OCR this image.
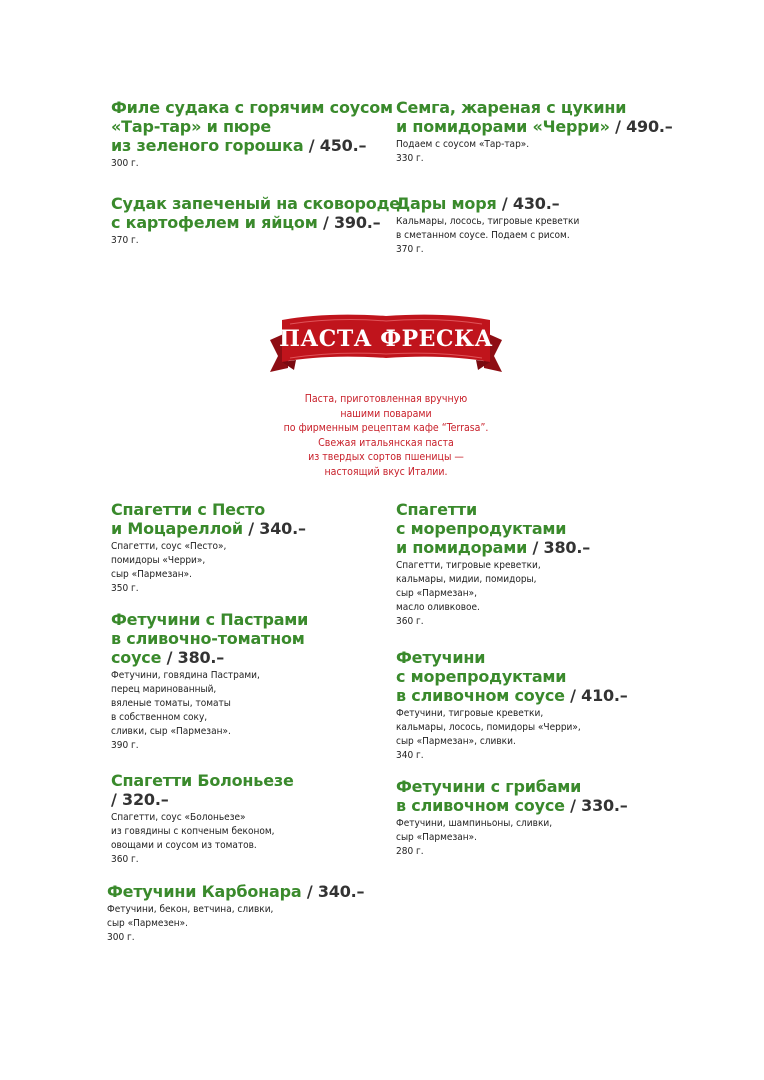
Филе судака с горячим соусом
«Тар-тар» и пюре
из зеленого горошка / 450.–
300 г.
Судак запеченый на сковороде
с картофелем и яйцом / 390.–
370 г.
Семга, жареная с цукини
и помидорами «Черри» / 490.–
Подаем с соусом «Тар-тар».
330 г.
Дары моря / 430.–
Кальмары, лосось, тигровые креветки
в сметанном соусе. Подаем с рисом.
370 г.
ПАСТА ФРЕСКА
Паста, приготовленная вручную
нашими поварами
по фирменным рецептам кафе “Terrasa”.
Свежая итальянская паста
из твердых сортов пшеницы —
настоящий вкус Италии.
Спагетти с Песто
и Моцареллой / 340.–
Спагетти, соус «Песто»,
помидоры «Черри»,
сыр «Пармезан».
350 г.
Фетучини с Пастрами
в сливочно-томатном
соусе / 380.–
Фетучини, говядина Пастрами,
перец маринованный,
вяленые томаты, томаты
в собственном соку,
сливки, сыр «Пармезан».
390 г.
Спагетти Болоньезе
/ 320.–
Спагетти, соус «Болоньезе»
из говядины с копченым беконом,
овощами и соусом из томатов.
360 г.
Фетучини Карбонара / 340.–
Фетучини, бекон, ветчина, сливки,
сыр «Пармезен».
300 г.
Спагетти
с морепродуктами
и помидорами / 380.–
Спагетти, тигровые креветки,
кальмары, мидии, помидоры,
сыр «Пармезан»,
масло оливковое.
360 г.
Фетучини
с морепродуктами
в сливочном соусе / 410.–
Фетучини, тигровые креветки,
кальмары, лосось, помидоры «Черри»,
сыр «Пармезан», сливки.
340 г.
Фетучини с грибами
в сливочном соусе / 330.–
Фетучини, шампиньоны, сливки,
сыр «Пармезан».
280 г.
